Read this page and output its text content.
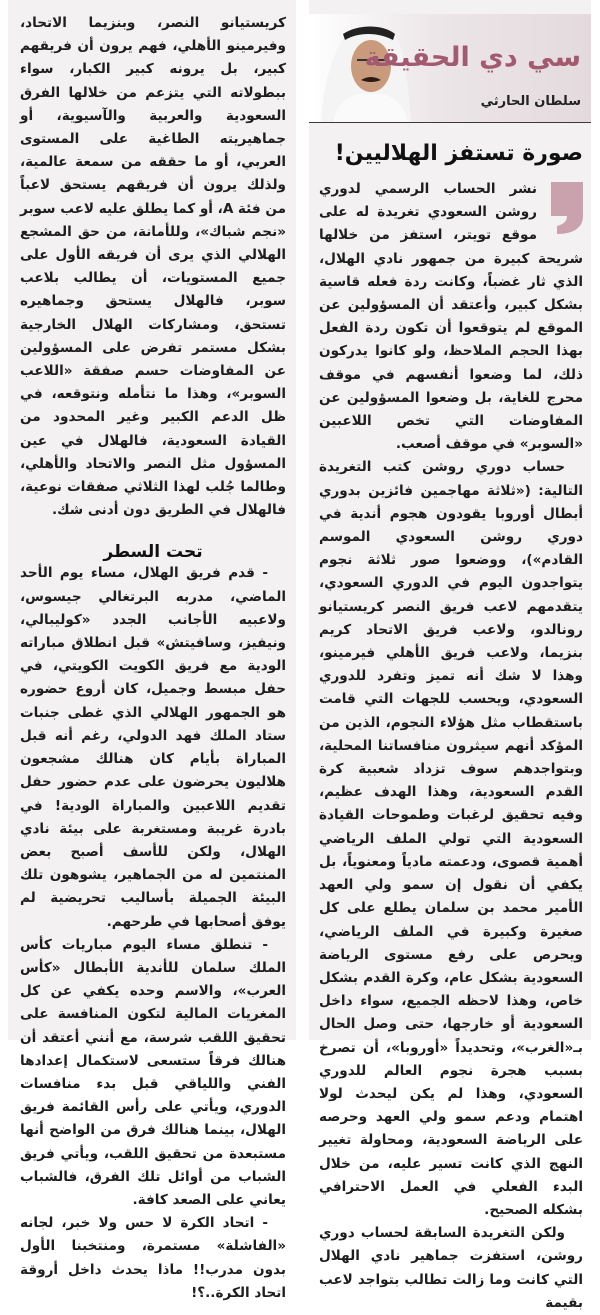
سي دي الحقيقة
سلطان الحارثي
صورة تستفز الهلاليين!

نشر الحساب الرسمي لدوري روشن السعودي تغريدة له على موقع تويتر، استفز من خلالها شريحة كبيرة من جمهور نادي الهلال، الذي ثار غضباً، وكانت ردة فعله قاسية بشكل كبير، وأعتقد أن المسؤولين عن الموقع لم يتوقعوا أن تكون ردة الفعل بهذا الحجم الملاحظ، ولو كانوا يدركون ذلك، لما وضعوا أنفسهم في موقف محرج للغاية، بل وضعوا المسؤولين عن المفاوضات التي تخص اللاعبين «السوبر» في موقف أصعب.

حساب دوري روشن كتب التغريدة التالية: («ثلاثة مهاجمين فائزين بدوري أبطال أوروبا يقودون هجوم أندية في دوري روشن السعودي الموسم القادم»)، ووضعوا صور ثلاثة نجوم يتواجدون اليوم في الدوري السعودي، يتقدمهم لاعب فريق النصر كريستيانو رونالدو، ولاعب فريق الاتحاد كريم بنزيما، ولاعب فريق الأهلي فيرمينو، وهذا لا شك أنه تميز وتفرد للدوري السعودي، ويحسب للجهات التي قامت باستقطاب مثل هؤلاء النجوم، الذين من المؤكد أنهم سيثرون منافساتنا المحلية، وبتواجدهم سوف تزداد شعبية كرة القدم السعودية، وهذا الهدف عظيم، وفيه تحقيق لرغبات وطموحات القيادة السعودية التي تولي الملف الرياضي أهمية قصوى، ودعمته مادياً ومعنوياً، بل يكفي أن نقول إن سمو ولي العهد الأمير محمد بن سلمان يطلع على كل صغيرة وكبيرة في الملف الرياضي، ويحرص على رفع مستوى الرياضة السعودية بشكل عام، وكرة القدم بشكل خاص، وهذا لاحظه الجميع، سواء داخل السعودية أو خارجها، حتى وصل الحال بـ«الغرب»، وتحديداً «أوروبا»، أن تصرخ بسبب هجرة نجوم العالم للدوري السعودي، وهذا لم يكن ليحدث لولا اهتمام ودعم سمو ولي العهد وحرصه على الرياضة السعودية، ومحاولة تغيير النهج الذي كانت تسير عليه، من خلال البدء الفعلي في العمل الاحترافي بشكله الصحيح.

ولكن التغريدة السابقة لحساب دوري روشن، استفزت جماهير نادي الهلال التي كانت وما زالت تطالب بتواجد لاعب بقيمة

كريستيانو النصر، وبنزيما الاتحاد، وفيرمينو الأهلي، فهم يرون أن فريقهم كبير، بل يرونه كبير الكبار، سواء ببطولاته التي يتزعم من خلالها الفرق السعودية والعربية والآسيوية، أو جماهيريته الطاغية على المستوى العربي، أو ما حققه من سمعة عالمية، ولذلك يرون أن فريقهم يستحق لاعباً من فئة A، أو كما يطلق عليه لاعب سوبر «نجم شباك»، وللأمانة، من حق المشجع الهلالي الذي يرى أن فريقه الأول على جميع المستويات، أن يطالب بلاعب سوبر، فالهلال يستحق وجماهيره تستحق، ومشاركات الهلال الخارجية بشكل مستمر تفرض على المسؤولين عن المفاوضات حسم صفقة «اللاعب السوبر»، وهذا ما نتأمله ونتوقعه، في ظل الدعم الكبير وغير المحدود من القيادة السعودية، فالهلال في عين المسؤول مثل النصر والاتحاد والأهلي، وطالما جُلب لهذا الثلاثي صفقات نوعية، فالهلال في الطريق دون أدنى شك.

تحت السطر

- قدم فريق الهلال، مساء يوم الأحد الماضي، مدربه البرتغالي جيسوس، ولاعبيه الأجانب الجدد «كوليبالي، ونيفيز، وسافيتش» قبل انطلاق مباراته الودية مع فريق الكويت الكويتي، في حفل مبسط وجميل، كان أروع حضوره هو الجمهور الهلالي الذي غطى جنبات ستاد الملك فهد الدولي، رغم أنه قبل المباراة بأيام كان هنالك مشجعون هلاليون يحرضون على عدم حضور حفل تقديم اللاعبين والمباراة الودية! في بادرة غريبة ومستغربة على بيئة نادي الهلال، ولكن للأسف أصبح بعض المنتمين له من الجماهير، يشوهون تلك البيئة الجميلة بأساليب تحريضية لم يوفق أصحابها في طرحهم.

- تنطلق مساء اليوم مباريات كأس الملك سلمان للأندية الأبطال «كأس العرب»، والاسم وحده يكفي عن كل المغريات المالية لتكون المنافسة على تحقيق اللقب شرسة، مع أنني أعتقد أن هنالك فرقاً ستسعى لاستكمال إعدادها الفني واللياقي قبل بدء منافسات الدوري، ويأتي على رأس القائمة فريق الهلال، بينما هنالك فرق من الواضح أنها مستبعدة من تحقيق اللقب، ويأتي فريق الشباب من أوائل تلك الفرق، فالشباب يعاني على الصعد كافة.

- اتحاد الكرة لا حس ولا خبر، لجانه «الفاشلة» مستمرة، ومنتخبنا الأول بدون مدرب!! ماذا يحدث داخل أروقة اتحاد الكرة..؟!
